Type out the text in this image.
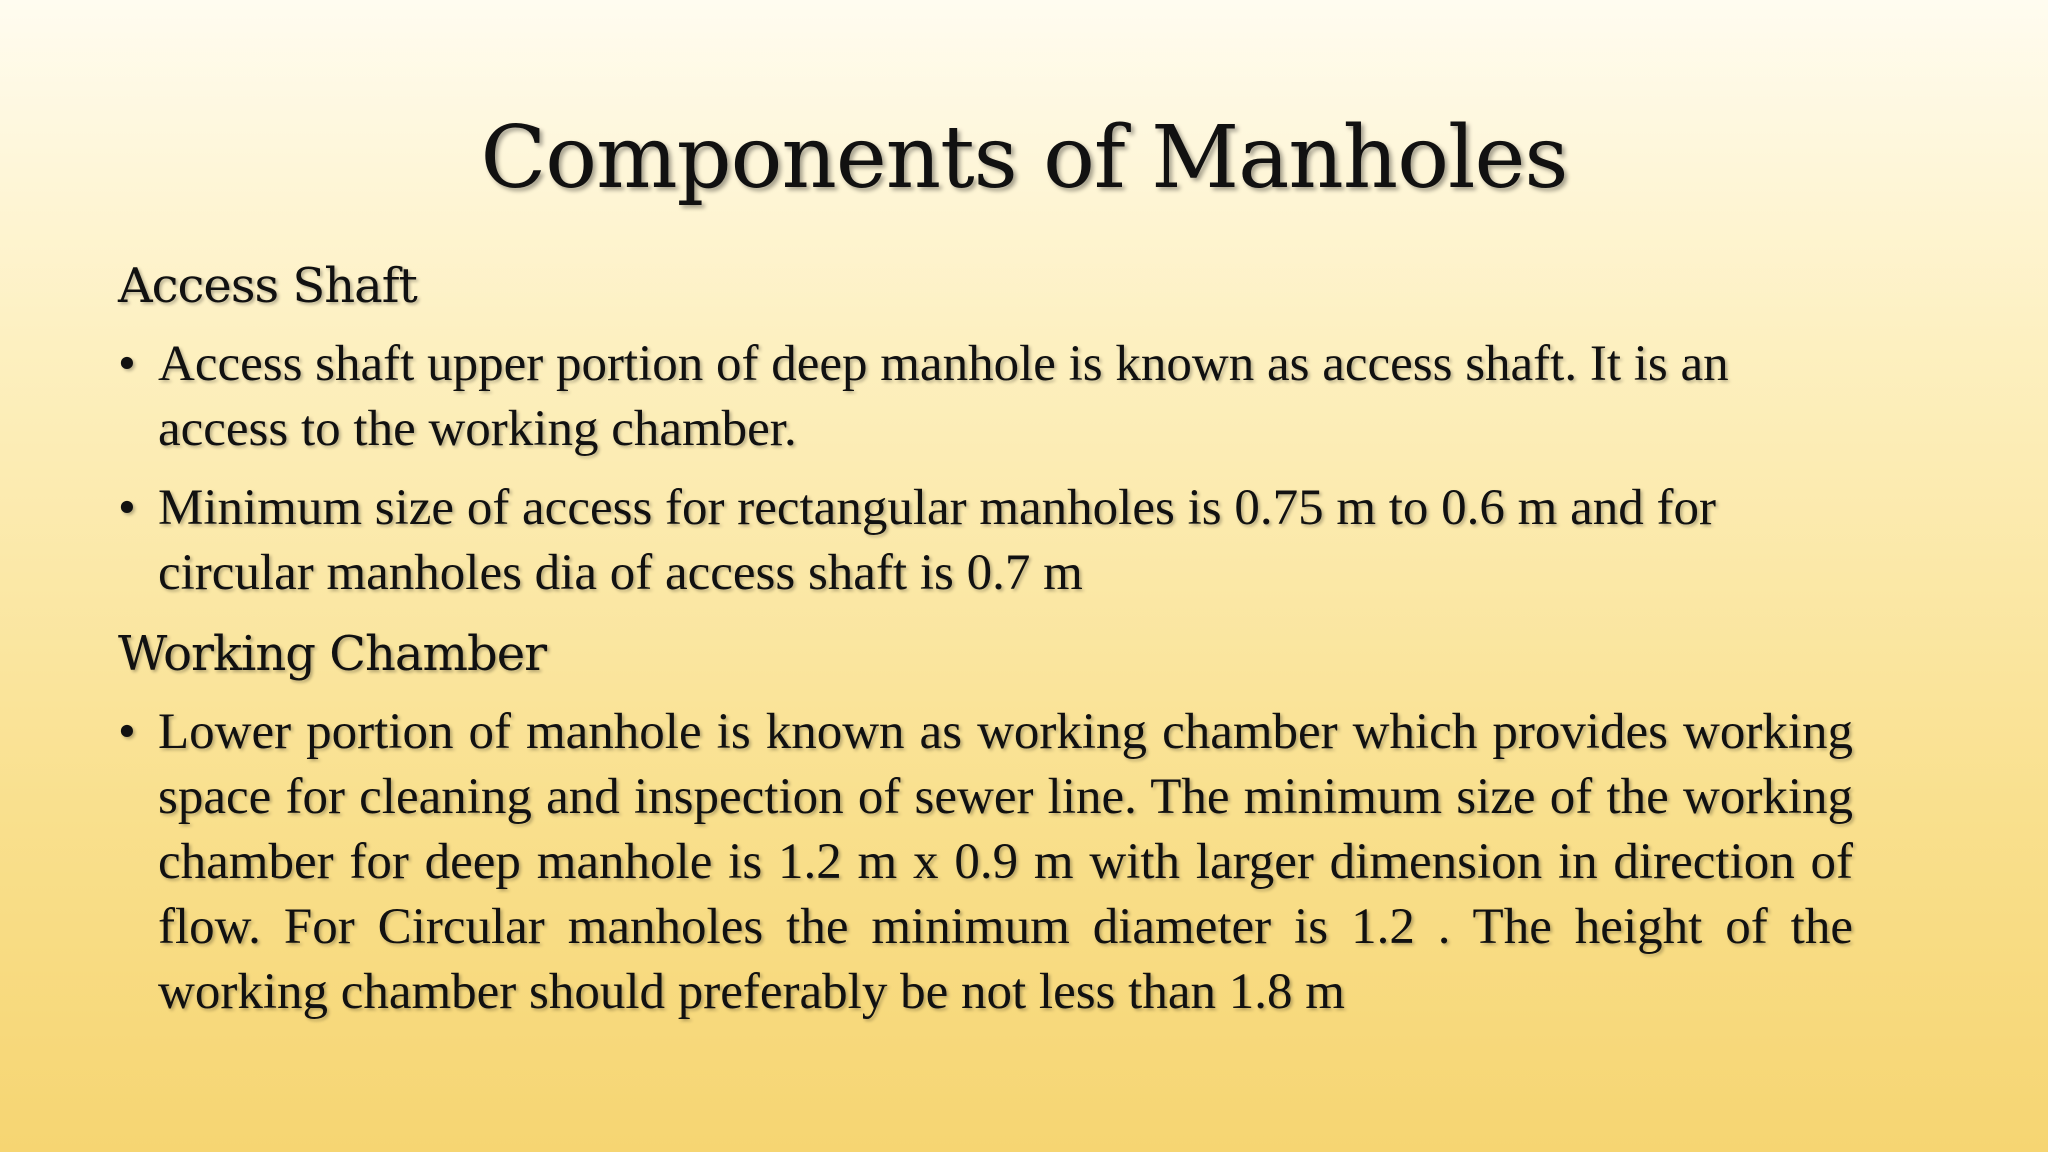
Components of Manholes
Access Shaft
• Access shaft upper portion of deep manhole is known as access shaft. It is an access to the working chamber.
• Minimum size of access for rectangular manholes is 0.75 m to 0.6 m and for circular manholes dia of access shaft is 0.7 m
Working Chamber
• Lower portion of manhole is known as working chamber which provides working space for cleaning and inspection of sewer line. The minimum size of the working chamber for deep manhole is 1.2 m x 0.9 m with larger dimension in direction of flow. For Circular manholes the minimum diameter is 1.2 . The height of the working chamber should preferably be not less than 1.8 m
